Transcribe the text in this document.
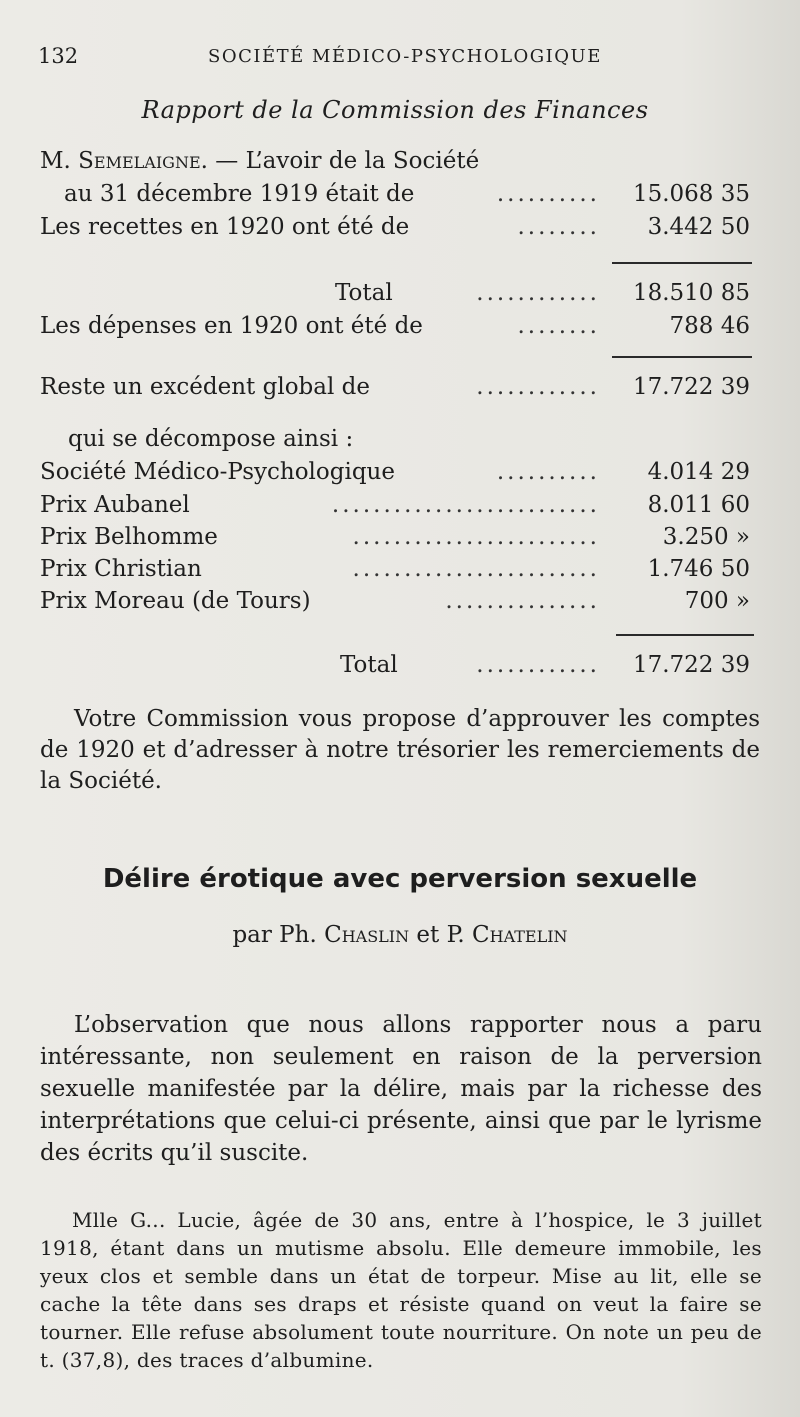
132	SOCIÉTÉ MÉDICO-PSYCHOLOGIQUE
Rapport de la Commission des Finances
M. Semelaigne. — L’avoir de la Société
au 31 décembre 1919 était de	..........	15.068 35
Les recettes en 1920 ont été de	........	3.442 50
Total	............	18.510 85
Les dépenses en 1920 ont été de	........	788 46
Reste un excédent global de	............	17.722 39
qui se décompose ainsi :
Société Médico-Psychologique	..........	4.014 29
Prix Aubanel	..........................	8.011 60
Prix Belhomme	........................	3.250 »
Prix Christian	........................	1.746 50
Prix Moreau (de Tours)	...............	700 »
Total	............	17.722 39

Votre Commission vous propose d’approuver les comptes de 1920 et d’adresser à notre trésorier les remerciements de la Société.

Délire érotique avec perversion sexuelle
par Ph. Chaslin et P. Chatelin

L’observation que nous allons rapporter nous a paru intéressante, non seulement en raison de la perversion sexuelle manifestée par la délire, mais par la richesse des interprétations que celui-ci présente, ainsi que par le lyrisme des écrits qu’il suscite.

Mlle G... Lucie, âgée de 30 ans, entre à l’hospice, le 3 juillet 1918, étant dans un mutisme absolu. Elle demeure immobile, les yeux clos et semble dans un état de torpeur. Mise au lit, elle se cache la tête dans ses draps et résiste quand on veut la faire se tourner. Elle refuse absolument toute nourriture. On note un peu de t. (37,8), des traces d’albumine.
